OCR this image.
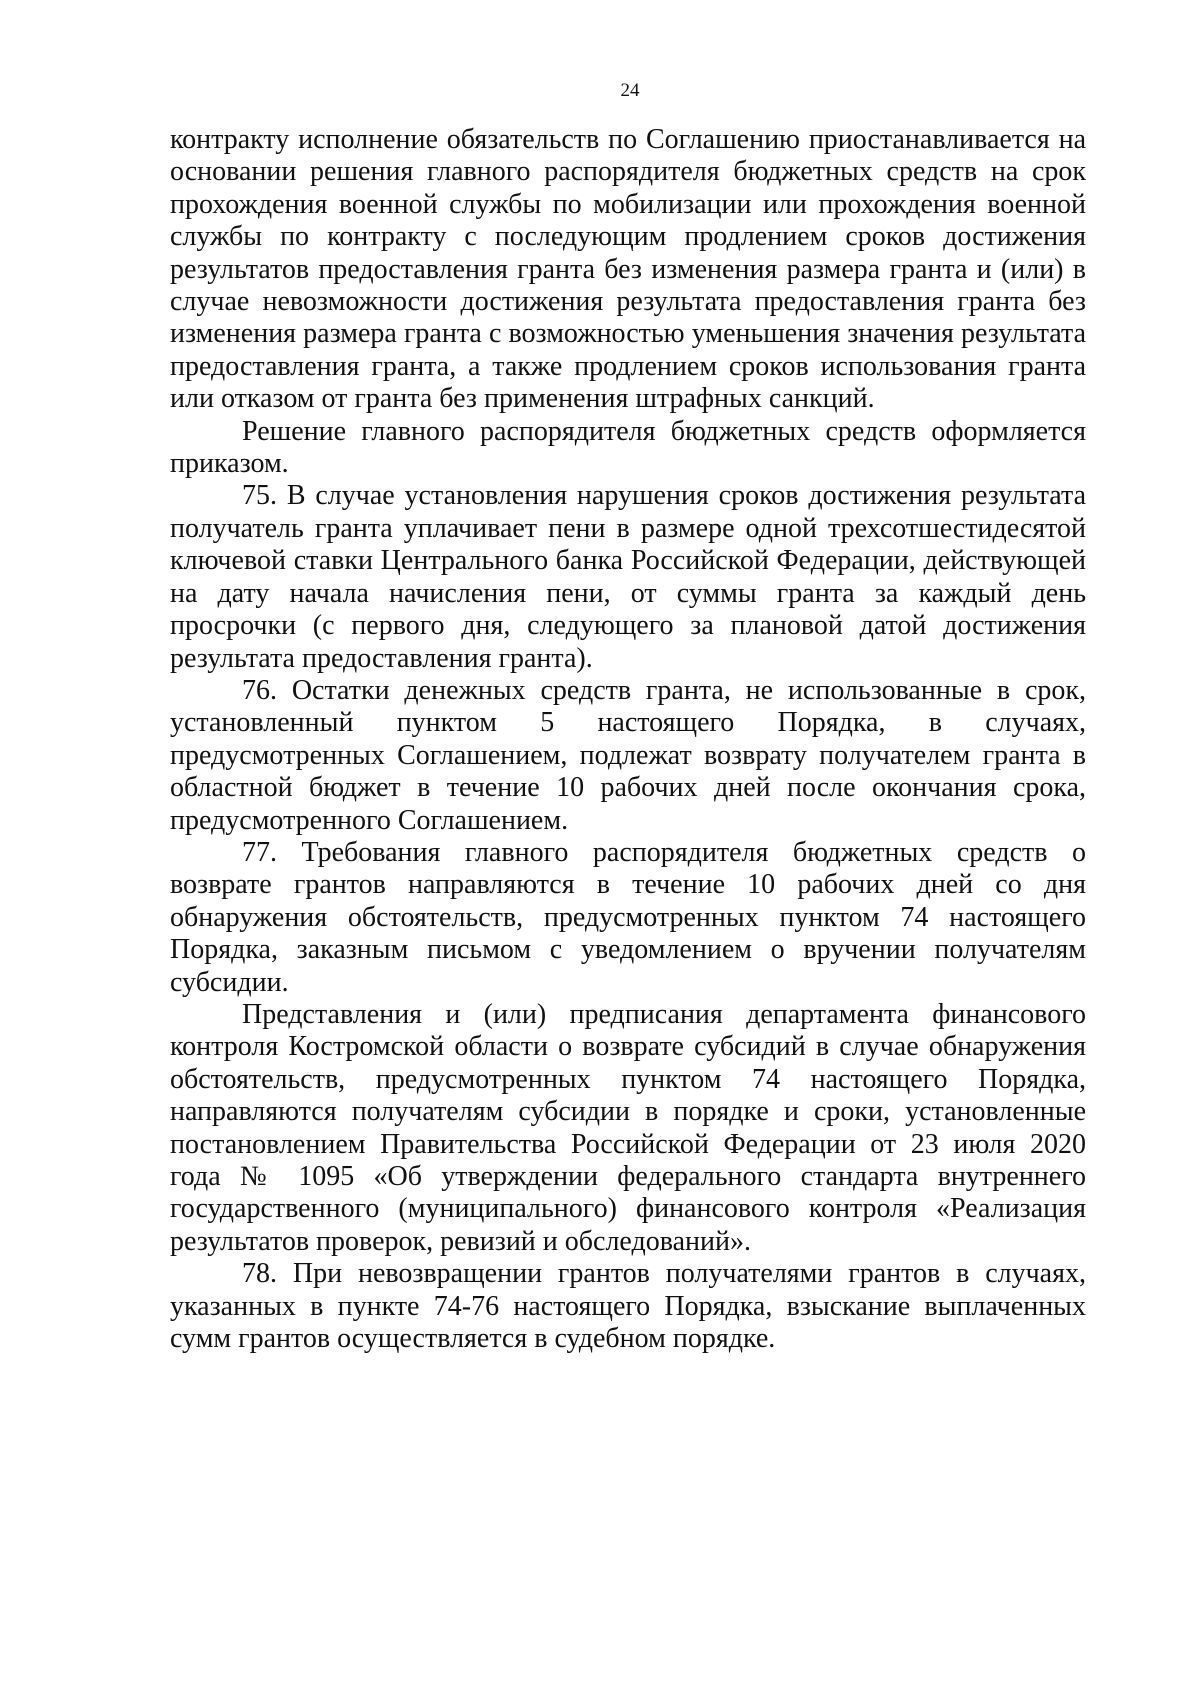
24

контракту исполнение обязательств по Соглашению приостанавливается на основании решения главного распорядителя бюджетных средств на срок прохождения военной службы по мобилизации или прохождения военной службы по контракту с последующим продлением сроков достижения результатов предоставления гранта без изменения размера гранта и (или) в случае невозможности достижения результата предоставления гранта без изменения размера гранта с возможностью уменьшения значения результата предоставления гранта, а также продлением сроков использования гранта или отказом от гранта без применения штрафных санкций.

Решение главного распорядителя бюджетных средств оформляется приказом.

75. В случае установления нарушения сроков достижения результата получатель гранта уплачивает пени в размере одной трехсотшестидесятой ключевой ставки Центрального банка Российской Федерации, действующей на дату начала начисления пени, от суммы гранта за каждый день просрочки (с первого дня, следующего за плановой датой достижения результата предоставления гранта).

76. Остатки денежных средств гранта, не использованные в срок, установленный пунктом 5 настоящего Порядка, в случаях, предусмотренных Соглашением, подлежат возврату получателем гранта в областной бюджет в течение 10 рабочих дней после окончания срока, предусмотренного Соглашением.

77. Требования главного распорядителя бюджетных средств о возврате грантов направляются в течение 10 рабочих дней со дня обнаружения обстоятельств, предусмотренных пунктом 74 настоящего Порядка, заказным письмом с уведомлением о вручении получателям субсидии.

Представления и (или) предписания департамента финансового контроля Костромской области о возврате субсидий в случае обнаружения обстоятельств, предусмотренных пунктом 74 настоящего Порядка, направляются получателям субсидии в порядке и сроки, установленные постановлением Правительства Российской Федерации от 23 июля 2020 года № 1095 «Об утверждении федерального стандарта внутреннего государственного (муниципального) финансового контроля «Реализация результатов проверок, ревизий и обследований».

78. При невозвращении грантов получателями грантов в случаях, указанных в пункте 74-76 настоящего Порядка, взыскание выплаченных сумм грантов осуществляется в судебном порядке.
